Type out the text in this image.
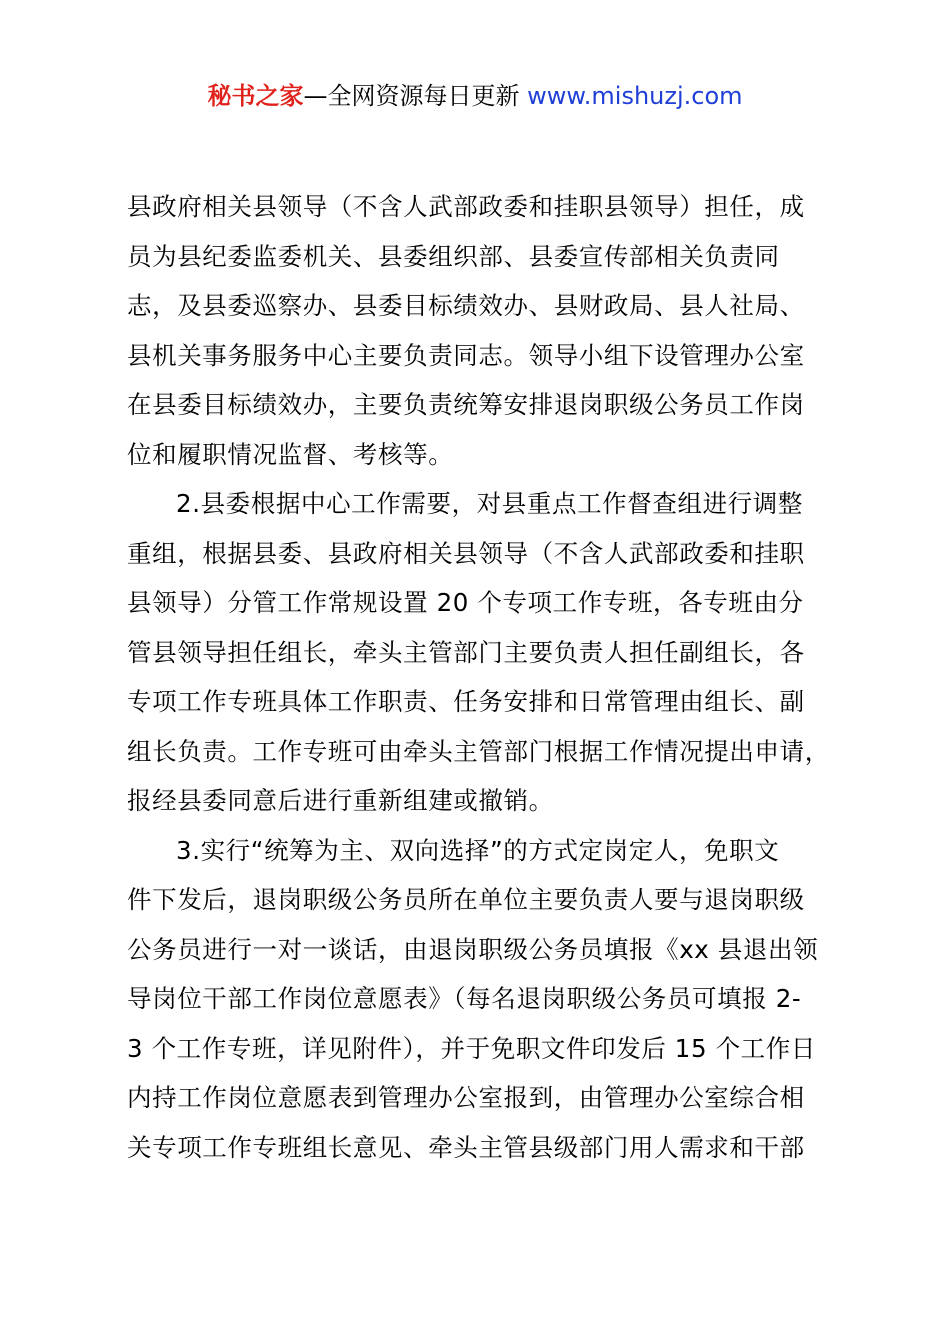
秘书之家—全网资源每日更新 www.mishuzj.com
县政府相关县领导（不含人武部政委和挂职县领导）担任，成
员为县纪委监委机关、县委组织部、县委宣传部相关负责同
志，及县委巡察办、县委目标绩效办、县财政局、县人社局、
县机关事务服务中心主要负责同志。领导小组下设管理办公室
在县委目标绩效办，主要负责统筹安排退岗职级公务员工作岗
位和履职情况监督、考核等。
2.县委根据中心工作需要，对县重点工作督查组进行调整
重组，根据县委、县政府相关县领导（不含人武部政委和挂职
县领导）分管工作常规设置 20 个专项工作专班，各专班由分
管县领导担任组长，牵头主管部门主要负责人担任副组长，各
专项工作专班具体工作职责、任务安排和日常管理由组长、副
组长负责。工作专班可由牵头主管部门根据工作情况提出申请，
报经县委同意后进行重新组建或撤销。
3.实行“统筹为主、双向选择”的方式定岗定人，免职文
件下发后，退岗职级公务员所在单位主要负责人要与退岗职级
公务员进行一对一谈话，由退岗职级公务员填报《xx 县退出领
导岗位干部工作岗位意愿表》（每名退岗职级公务员可填报 2-
3 个工作专班，详见附件），并于免职文件印发后 15 个工作日
内持工作岗位意愿表到管理办公室报到，由管理办公室综合相
关专项工作专班组长意见、牵头主管县级部门用人需求和干部
